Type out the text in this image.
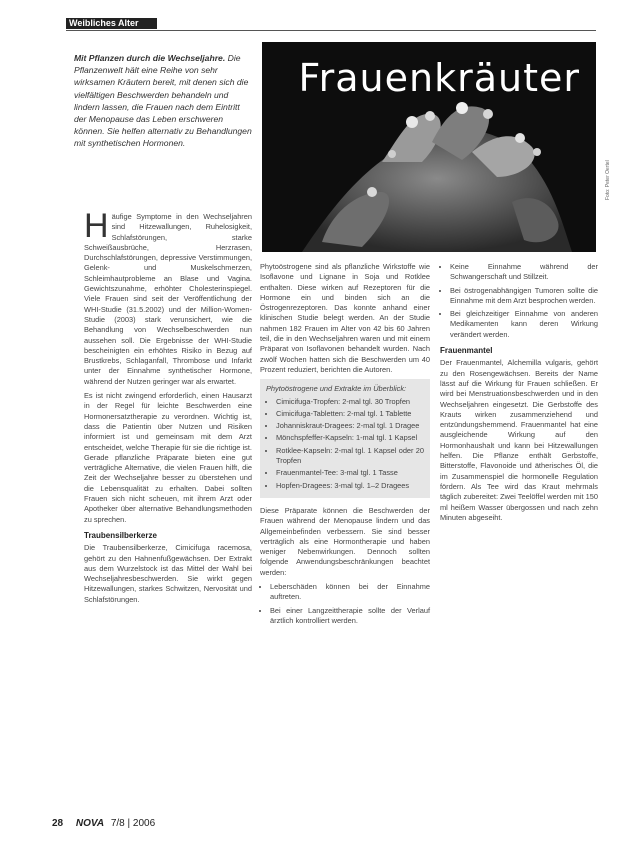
Weibliches Alter
Mit Pflanzen durch die Wechseljahre. Die Pflanzenwelt hält eine Reihe von sehr wirksamen Kräutern bereit, mit denen sich die vielfältigen Beschwerden behandeln und lindern lassen, die Frauen nach dem Eintritt der Menopause das Leben erschweren können. Sie helfen alternativ zu Behandlungen mit synthetischen Hormonen.
Frauenkräuter
Foto: Peter Oertel

Häufige Symptome in den Wechseljahren sind Hitzewallungen, Ruhelosigkeit, Schlafstörungen, starke Schweißausbrüche, Herzrasen, Durchschlafstörungen, depressive Verstimmungen, Gelenk- und Muskelschmerzen, Schleimhautprobleme an Blase und Vagina. Gewichtszunahme, erhöhter Cholesterinspiegel. Viele Frauen sind seit der Veröffentlichung der WHI-Studie (31.5.2002) und der Million-Women-Studie (2003) stark verunsichert, wie die Behandlung von Wechselbeschwerden nun aussehen soll. Die Ergebnisse der WHI-Studie bescheinigten ein erhöhtes Risiko in Bezug auf Brustkrebs, Schlaganfall, Thrombose und Infarkt unter der Einnahme synthetischer Hormone, während der Nutzen geringer war als erwartet.

Es ist nicht zwingend erforderlich, einen Hausarzt in der Regel für leichte Beschwerden eine Hormonersatztherapie zu verordnen. Wichtig ist, dass die Patientin über Nutzen und Risiken informiert ist und gemeinsam mit dem Arzt entscheidet, welche Therapie für sie die richtige ist. Gerade pflanzliche Präparate bieten eine gut verträgliche Alternative, die vielen Frauen hilft, die Zeit der Wechseljahre besser zu überstehen und die Lebensqualität zu erhalten. Dabei sollten Frauen sich nicht scheuen, mit ihrem Arzt oder Apotheker über alternative Behandlungsmethoden zu sprechen.

Traubensilberkerze

Die Traubensilberkerze, Cimicifuga racemosa, gehört zu den Hahnenfußgewächsen. Der Extrakt aus dem Wurzelstock ist das Mittel der Wahl bei Wechseljahresbeschwerden. Sie wirkt gegen Hitzewallungen, starkes Schwitzen, Nervosität und Schlafstörungen.

Phytoöstrogene sind als pflanzliche Wirkstoffe wie Isoflavone und Lignane in Soja und Rotklee enthalten. Diese wirken auf Rezeptoren für die Hormone ein und binden sich an die Östrogenrezeptoren. Das konnte anhand einer klinischen Studie belegt werden. An der Studie nahmen 182 Frauen im Alter von 42 bis 60 Jahren teil, die in den Wechseljahren waren und mit einem Präparat von Isoflavonen behandelt wurden. Nach zwölf Wochen hatten sich die Beschwerden um 40 Prozent reduziert, berichten die Autoren.

Phytoöstrogene und Extrakte im Überblick:
• Cimicifuga-Tropfen: 2-mal tgl. 30 Tropfen
• Cimicifuga-Tabletten: 2-mal tgl. 1 Tablette
• Johanniskraut-Dragees: 2-mal tgl. 1 Dragee
• Mönchspfeffer-Kapseln: 1-mal tgl. 1 Kapsel
• Rotklee-Kapseln: 2-mal tgl. 1 Kapsel oder 20 Tropfen
• Frauenmantel-Tee: 3-mal tgl. 1 Tasse
• Hopfen-Dragees: 3-mal tgl. 1–2 Dragees

Diese Präparate können die Beschwerden der Frauen während der Menopause lindern und das Allgemeinbefinden verbessern. Sie sind besser verträglich als eine Hormontherapie und haben weniger Nebenwirkungen. Dennoch sollten folgende Anwendungsbeschränkungen beachtet werden:

• Leberschäden können bei der Einnahme auftreten.
• Bei einer Langzeittherapie sollte der Verlauf ärztlich kontrolliert werden.
• Keine Einnahme während der Schwangerschaft und Stillzeit.
• Bei östrogenabhängigen Tumoren sollte die Einnahme mit dem Arzt besprochen werden.
• Bei gleichzeitiger Einnahme von anderen Medikamenten kann deren Wirkung verändert werden.
Frauenmantel

Der Frauenmantel, Alchemilla vulgaris, gehört zu den Rosengewächsen. Bereits der Name lässt auf die Wirkung für Frauen schließen. Er wird bei Menstruationsbeschwerden und in den Wechseljahren eingesetzt. Die Gerbstoffe des Krauts wirken zusammenziehend und entzündungshemmend. Frauenmantel hat eine ausgleichende Wirkung auf den Hormonhaushalt und kann bei Hitzewallungen helfen. Die Pflanze enthält Gerbstoffe, Bitterstoffe, Flavonoide und ätherisches Öl, die im Zusammenspiel die hormonelle Regulation fördern. Als Tee wird das Kraut mehrmals täglich zubereitet: Zwei Teelöffel werden mit 150 ml heißem Wasser übergossen und nach zehn Minuten abgeseiht.

28 NOVA 7/8 | 2006
